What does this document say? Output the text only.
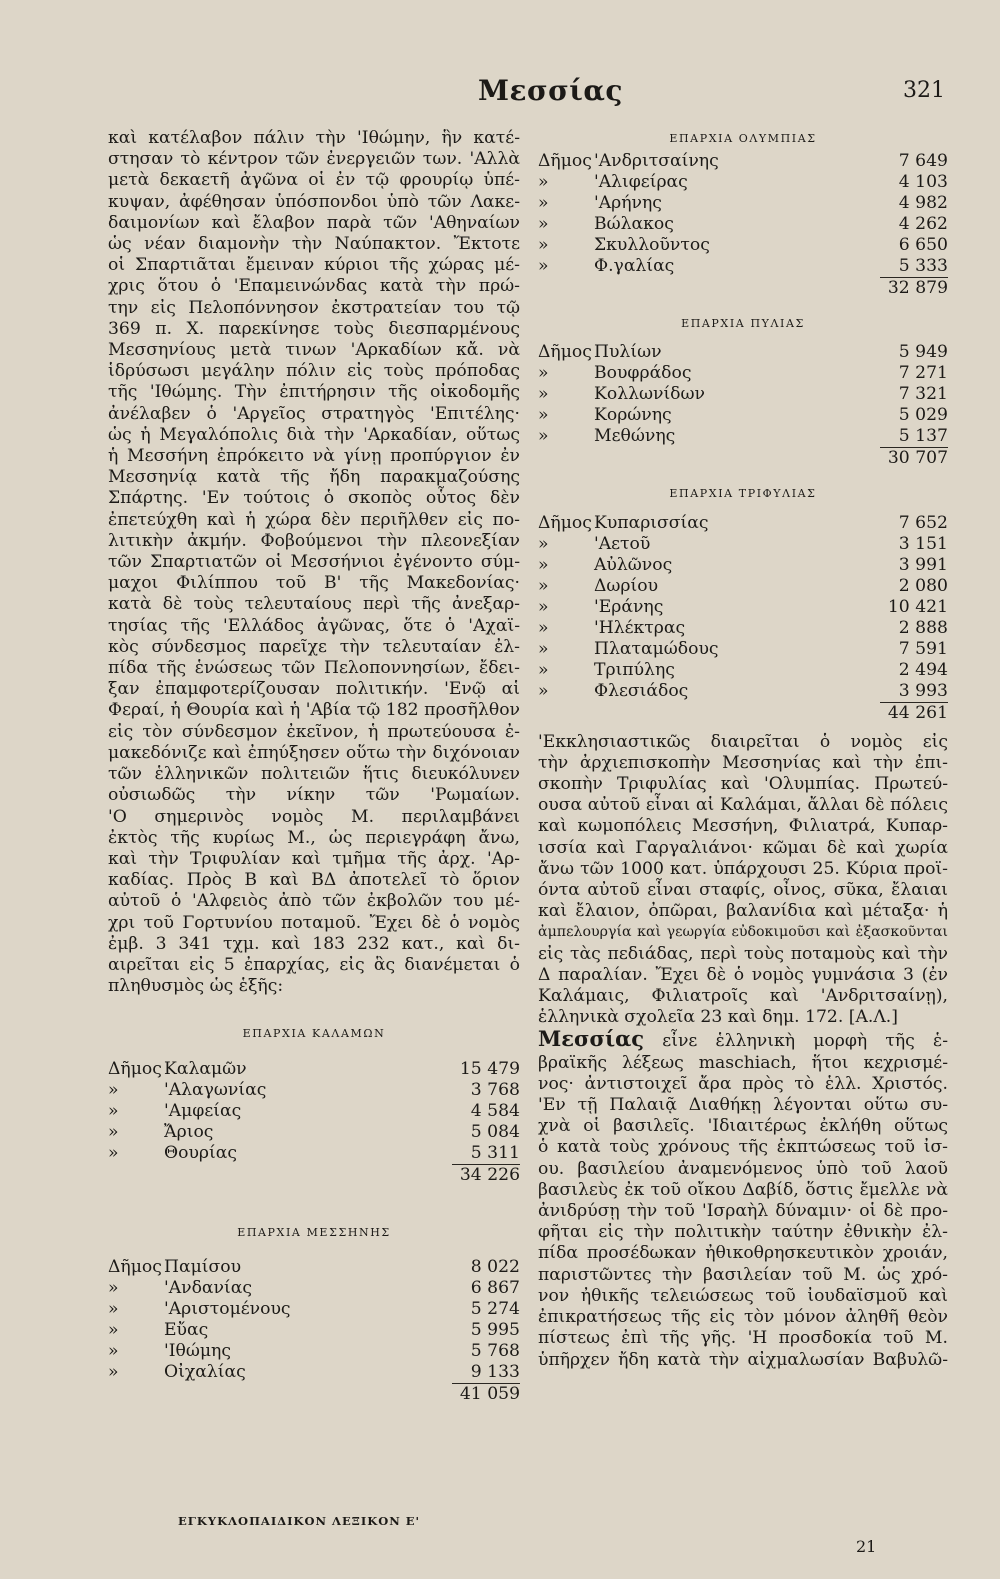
Μεσσίας	321
καὶ κατέλαβον πάλιν τὴν 'Ιθώμην, ἣν κατέ-
στησαν τὸ κέντρον τῶν ἐνεργειῶν των. 'Αλλὰ
μετὰ δεκαετῆ ἀγῶνα οἱ ἐν τῷ φρουρίῳ ὑπέ-
κυψαν, ἀφέθησαν ὑπόσπονδοι ὑπὸ τῶν Λακε-
δαιμονίων καὶ ἔλαβον παρὰ τῶν 'Αθηναίων
ὡς νέαν διαμονὴν τὴν Ναύπακτον. Ἔκτοτε
οἱ Σπαρτιᾶται ἔμειναν κύριοι τῆς χώρας μέ-
χρις ὅτου ὁ 'Επαμεινώνδας κατὰ τὴν πρώ-
την εἰς Πελοπόννησον ἐκστρατείαν του τῷ
369 π. Χ. παρεκίνησε τοὺς διεσπαρμένους
Μεσσηνίους μετὰ τινων 'Αρκαδίων κἄ. νὰ
ἱδρύσωσι μεγάλην πόλιν εἰς τοὺς πρόποδας
τῆς 'Ιθώμης. Τὴν ἐπιτήρησιν τῆς οἰκοδομῆς
ἀνέλαβεν ὁ 'Αργεῖος στρατηγὸς 'Επιτέλης·
ὡς ἡ Μεγαλόπολις διὰ τὴν 'Αρκαδίαν, οὕτως
ἡ Μεσσήνη ἐπρόκειτο νὰ γίνῃ προπύργιον ἐν
Μεσσηνίᾳ κατὰ τῆς ἤδη παρακμαζούσης
Σπάρτης. 'Εν τούτοις ὁ σκοπὸς οὗτος δὲν
ἐπετεύχθη καὶ ἡ χώρα δὲν περιῆλθεν εἰς πο-
λιτικὴν ἀκμήν. Φοβούμενοι τὴν πλεονεξίαν
τῶν Σπαρτιατῶν οἱ Μεσσήνιοι ἐγένοντο σύμ-
μαχοι Φιλίππου τοῦ Β' τῆς Μακεδονίας·
κατὰ δὲ τοὺς τελευταίους περὶ τῆς ἀνεξαρ-
τησίας τῆς 'Ελλάδος ἀγῶνας, ὅτε ὁ 'Αχαϊ-
κὸς σύνδεσμος παρεῖχε τὴν τελευταίαν ἐλ-
πίδα τῆς ἑνώσεως τῶν Πελοποννησίων, ἔδει-
ξαν ἐπαμφοτερίζουσαν πολιτικήν. 'Ενῷ αἱ
Φεραί, ἡ Θουρία καὶ ἡ 'Αβία τῷ 182 προσῆλθον
εἰς τὸν σύνδεσμον ἐκεῖνον, ἡ πρωτεύουσα ἐ-
μακεδόνιζε καὶ ἐπηύξησεν οὕτω τὴν διχόνοιαν
τῶν ἑλληνικῶν πολιτειῶν ἥτις διευκόλυνεν
οὐσιωδῶς τὴν νίκην τῶν 'Ρωμαίων.
'Ο σημερινὸς νομὸς Μ. περιλαμβάνει
ἐκτὸς τῆς κυρίως Μ., ὡς περιεγράφη ἄνω,
καὶ τὴν Τριφυλίαν καὶ τμῆμα τῆς ἀρχ. 'Αρ-
καδίας. Πρὸς Β καὶ ΒΔ ἀποτελεῖ τὸ ὅριον
αὐτοῦ ὁ 'Αλφειὸς ἀπὸ τῶν ἐκβολῶν του μέ-
χρι τοῦ Γορτυνίου ποταμοῦ. Ἔχει δὲ ὁ νομὸς
ἐμβ. 3 341 τχμ. καὶ 183 232 κατ., καὶ δι-
αιρεῖται εἰς 5 ἐπαρχίας, εἰς ἃς διανέμεται ὁ
πληθυσμὸς ὡς ἑξῆς:
ΕΠΑΡΧΙΑ ΚΑΛΑΜΩΝ
Δῆμος Καλαμῶν	15 479
»	'Αλαγωνίας	3 768
»	'Αμφείας	4 584
»	Ἄριος	5 084
»	Θουρίας	5 311
34 226
ΕΠΑΡΧΙΑ ΜΕΣΣΗΝΗΣ
Δῆμος Παμίσου	8 022
»	'Ανδανίας	6 867
»	'Αριστομένους	5 274
»	Εὔας	5 995
»	'Ιθώμης	5 768
»	Οἰχαλίας	9 133
41 059
ΕΠΑΡΧΙΑ ΟΛΥΜΠΙΑΣ
Δῆμος 'Ανδριτσαίνης	7 649
»	'Αλιφείρας	4 103
»	'Αρήνης	4 982
»	Βώλακος	4 262
»	Σκυλλοῦντος	6 650
»	Φ.γαλίας	5 333
32 879
ΕΠΑΡΧΙΑ ΠΥΛΙΑΣ
Δῆμος Πυλίων	5 949
»	Βουφράδος	7 271
»	Κολλωνίδων	7 321
»	Κορώνης	5 029
»	Μεθώνης	5 137
30 707
ΕΠΑΡΧΙΑ ΤΡΙΦΥΛΙΑΣ
Δῆμος Κυπαρισσίας	7 652
»	'Αετοῦ	3 151
»	Αὐλῶνος	3 991
»	Δωρίου	2 080
»	'Εράνης	10 421
»	'Ηλέκτρας	2 888
»	Πλαταμώδους	7 591
»	Τριπύλης	2 494
»	Φλεσιάδος	3 993
44 261
'Εκκλησιαστικῶς διαιρεῖται ὁ νομὸς εἰς
τὴν ἀρχιεπισκοπὴν Μεσσηνίας καὶ τὴν ἐπι-
σκοπὴν Τριφυλίας καὶ 'Ολυμπίας. Πρωτεύ-
ουσα αὐτοῦ εἶναι αἱ Καλάμαι, ἄλλαι δὲ πόλεις
καὶ κωμοπόλεις Μεσσήνη, Φιλιατρά, Κυπαρ-
ισσία καὶ Γαργαλιάνοι· κῶμαι δὲ καὶ χωρία
ἄνω τῶν 1000 κατ. ὑπάρχουσι 25. Κύρια προϊ-
όντα αὐτοῦ εἶναι σταφίς, οἶνος, σῦκα, ἔλαιαι
καὶ ἔλαιον, ὀπῶραι, βαλανίδια καὶ μέταξα· ἡ
ἀμπελουργία καὶ γεωργία εὐδοκιμοῦσι καὶ ἐξασκοῦνται
εἰς τὰς πεδιάδας, περὶ τοὺς ποταμοὺς καὶ τὴν
Δ παραλίαν. Ἔχει δὲ ὁ νομὸς γυμνάσια 3 (ἐν
Καλάμαις, Φιλιατροῖς καὶ 'Ανδριτσαίνῃ),
ἑλληνικὰ σχολεῖα 23 καὶ δημ. 172. [Α.Λ.]
Μεσσίας εἶνε ἑλληνικὴ μορφὴ τῆς ἑ-
βραϊκῆς λέξεως maschiach, ἥτοι κεχρισμέ-
νος· ἀντιστοιχεῖ ἄρα πρὸς τὸ ἑλλ. Χριστός.
'Εν τῇ Παλαιᾷ Διαθήκῃ λέγονται οὕτω συ-
χνὰ οἱ βασιλεῖς. 'Ιδιαιτέρως ἐκλήθη οὕτως
ὁ κατὰ τοὺς χρόνους τῆς ἐκπτώσεως τοῦ ἰσ-
ου. βασιλείου ἀναμενόμενος ὑπὸ τοῦ λαοῦ
βασιλεὺς ἐκ τοῦ οἴκου Δαβίδ, ὅστις ἔμελλε νὰ
ἀνιδρύσῃ τὴν τοῦ 'Ισραὴλ δύναμιν· οἱ δὲ προ-
φῆται εἰς τὴν πολιτικὴν ταύτην ἐθνικὴν ἐλ-
πίδα προσέδωκαν ἠθικοθρησκευτικὸν χροιάν,
παριστῶντες τὴν βασιλείαν τοῦ Μ. ὡς χρό-
νον ἠθικῆς τελειώσεως τοῦ ἰουδαϊσμοῦ καὶ
ἐπικρατήσεως τῆς εἰς τὸν μόνον ἀληθῆ θεὸν
πίστεως ἐπὶ τῆς γῆς. 'Η προσδοκία τοῦ Μ.
ὑπῆρχεν ἤδη κατὰ τὴν αἰχμαλωσίαν Βαβυλῶ-
ΕΓΚΥΚΛΟΠΑΙΔΙΚΟΝ ΛΕΞΙΚΟΝ Ε'
21
